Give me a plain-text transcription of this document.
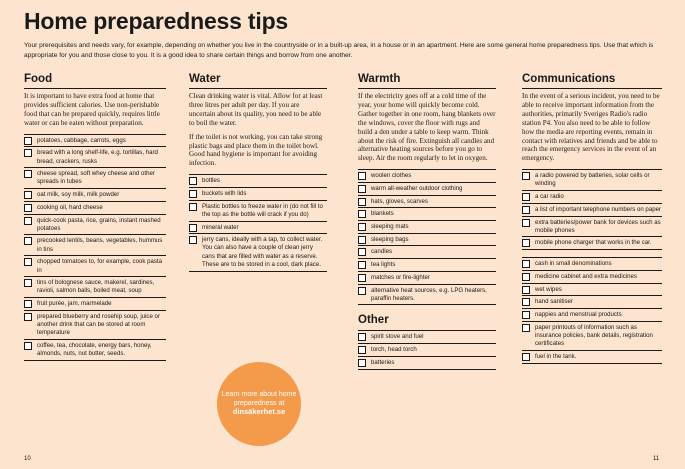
Home preparedness tips
Your prerequisites and needs vary, for example, depending on whether you live in the countryside or in a built-up area, in a house or in an apartment. Here are some general home preparedness tips. Use that which is appropriate for you and those close to you. It is a good idea to share certain things and borrow from one another.
Food
It is important to have extra food at home that provides sufficient calories. Use non-perishable food that can be prepared quickly, requires little water or can be eaten without preparation.
potatoes, cabbage, carrots, eggs
bread with a long shelf-life, e.g. tortillas, hard bread, crackers, rusks
cheese spread, soft whey cheese and other spreads in tubes
oat milk, soy milk, milk powder
cooking oil, hard cheese
quick-cook pasta, rice, grains, instant mashed potatoes
precooked lentils, beans, vegetables, hummus in tins
chopped tomatoes to, for example, cook pasta in
tins of bolognese sauce, makerel, sardines, ravioli, salmon balls, boiled meat, soup
fruit purée, jam, marmelade
prepared blueberry and rosehip soup, juice or another drink that can be stored at room temperature
coffee, tea, chocolate, energy bars, honey, almonds, nuts, nut butter, seeds.
Water
Clean drinking water is vital. Allow for at least three litres per adult per day. If you are uncertain about its quality, you need to be able to boil the water.
If the toilet is not working, you can take strong plastic bags and place them in the toilet bowl. Good hand hygiene is important for avoiding infection.
bottles
buckets with lids
Plastic bottles to freeze water in (do not fill to the top as the bottle will crack if you do)
mineral water
jerry cans, ideally with a tap, to collect water. You can also have a couple of clean jerry cans that are filled with water as a reserve. These are to be stored in a cool, dark place.
Learn more about home preparedness at
dinsäkerhet.se
Warmth
If the electricity goes off at a cold time of the year, your home will quickly become cold. Gather together in one room, hang blankets over the windows, cover the floor with rugs and build a den under a table to keep warm. Think about the risk of fire. Extinguish all candles and alternative heating sources before you go to sleep. Air the room regularly to let in oxygen.
woolen clothes
warm all-weather outdoor clothing
hats, gloves, scarves
blankets
sleeping mats
sleeping bags
candles
tea lights
matches or fire-lighter
alternative heat sources, e.g. LPG heaters, paraffin heaters.
Other
spirit stove and fuel
torch, head torch
batteries
Communications
In the event of a serious incident, you need to be able to receive important information from the authorities, primarily Sveriges Radio's radio station P4. You also need to be able to follow how the media are reporting events, remain in contact with relatives and friends and be able to reach the emergency services in the event of an emergency.
a radio powered by batteries, solar cells or winding
a car radio
a list of important telephone numbers on paper
extra batteries/power bank for devices such as mobile phones
mobile phone charger that works in the car.
cash in small denominations
medicine cabinet and extra medicines
wet wipes
hand sanitiser
nappies and menstrual products
paper printouts of information such as insurance policies, bank details, registration certificates
fuel in the tank.
10	11
